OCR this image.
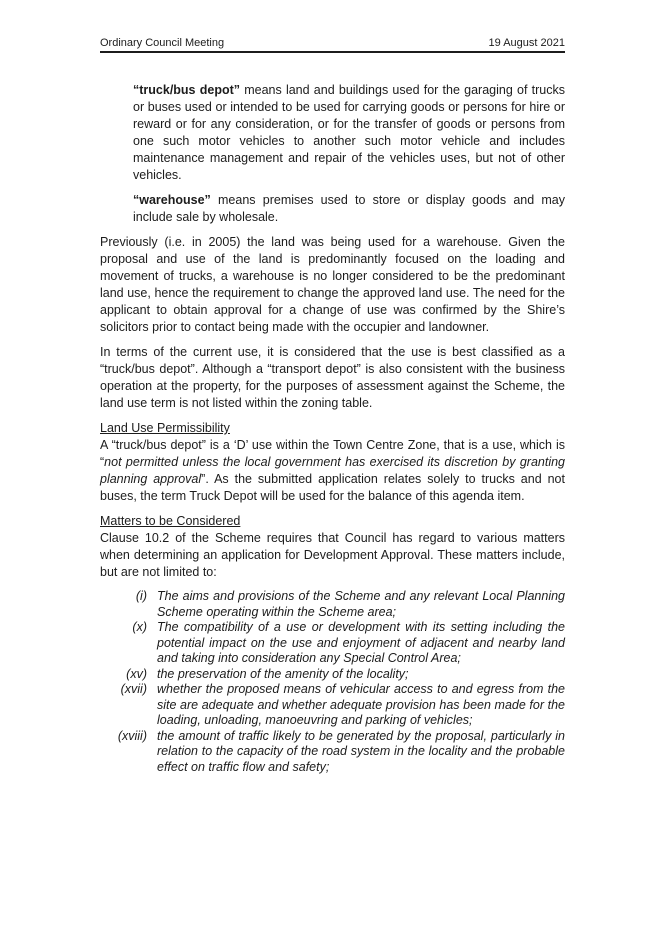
Ordinary Council Meeting	19 August 2021

“truck/bus depot” means land and buildings used for the garaging of trucks or buses used or intended to be used for carrying goods or persons for hire or reward or for any consideration, or for the transfer of goods or persons from one such motor vehicles to another such motor vehicle and includes maintenance management and repair of the vehicles uses, but not of other vehicles.

“warehouse” means premises used to store or display goods and may include sale by wholesale.

Previously (i.e. in 2005) the land was being used for a warehouse. Given the proposal and use of the land is predominantly focused on the loading and movement of trucks, a warehouse is no longer considered to be the predominant land use, hence the requirement to change the approved land use. The need for the applicant to obtain approval for a change of use was confirmed by the Shire’s solicitors prior to contact being made with the occupier and landowner.

In terms of the current use, it is considered that the use is best classified as a “truck/bus depot”. Although a “transport depot” is also consistent with the business operation at the property, for the purposes of assessment against the Scheme, the land use term is not listed within the zoning table.

Land Use Permissibility

A “truck/bus depot” is a ‘D’ use within the Town Centre Zone, that is a use, which is “not permitted unless the local government has exercised its discretion by granting planning approval”. As the submitted application relates solely to trucks and not buses, the term Truck Depot will be used for the balance of this agenda item.

Matters to be Considered

Clause 10.2 of the Scheme requires that Council has regard to various matters when determining an application for Development Approval. These matters include, but are not limited to:

(i) The aims and provisions of the Scheme and any relevant Local Planning Scheme operating within the Scheme area;
(x) The compatibility of a use or development with its setting including the potential impact on the use and enjoyment of adjacent and nearby land and taking into consideration any Special Control Area;
(xv) the preservation of the amenity of the locality;
(xvii) whether the proposed means of vehicular access to and egress from the site are adequate and whether adequate provision has been made for the loading, unloading, manoeuvring and parking of vehicles;
(xviii) the amount of traffic likely to be generated by the proposal, particularly in relation to the capacity of the road system in the locality and the probable effect on traffic flow and safety;
